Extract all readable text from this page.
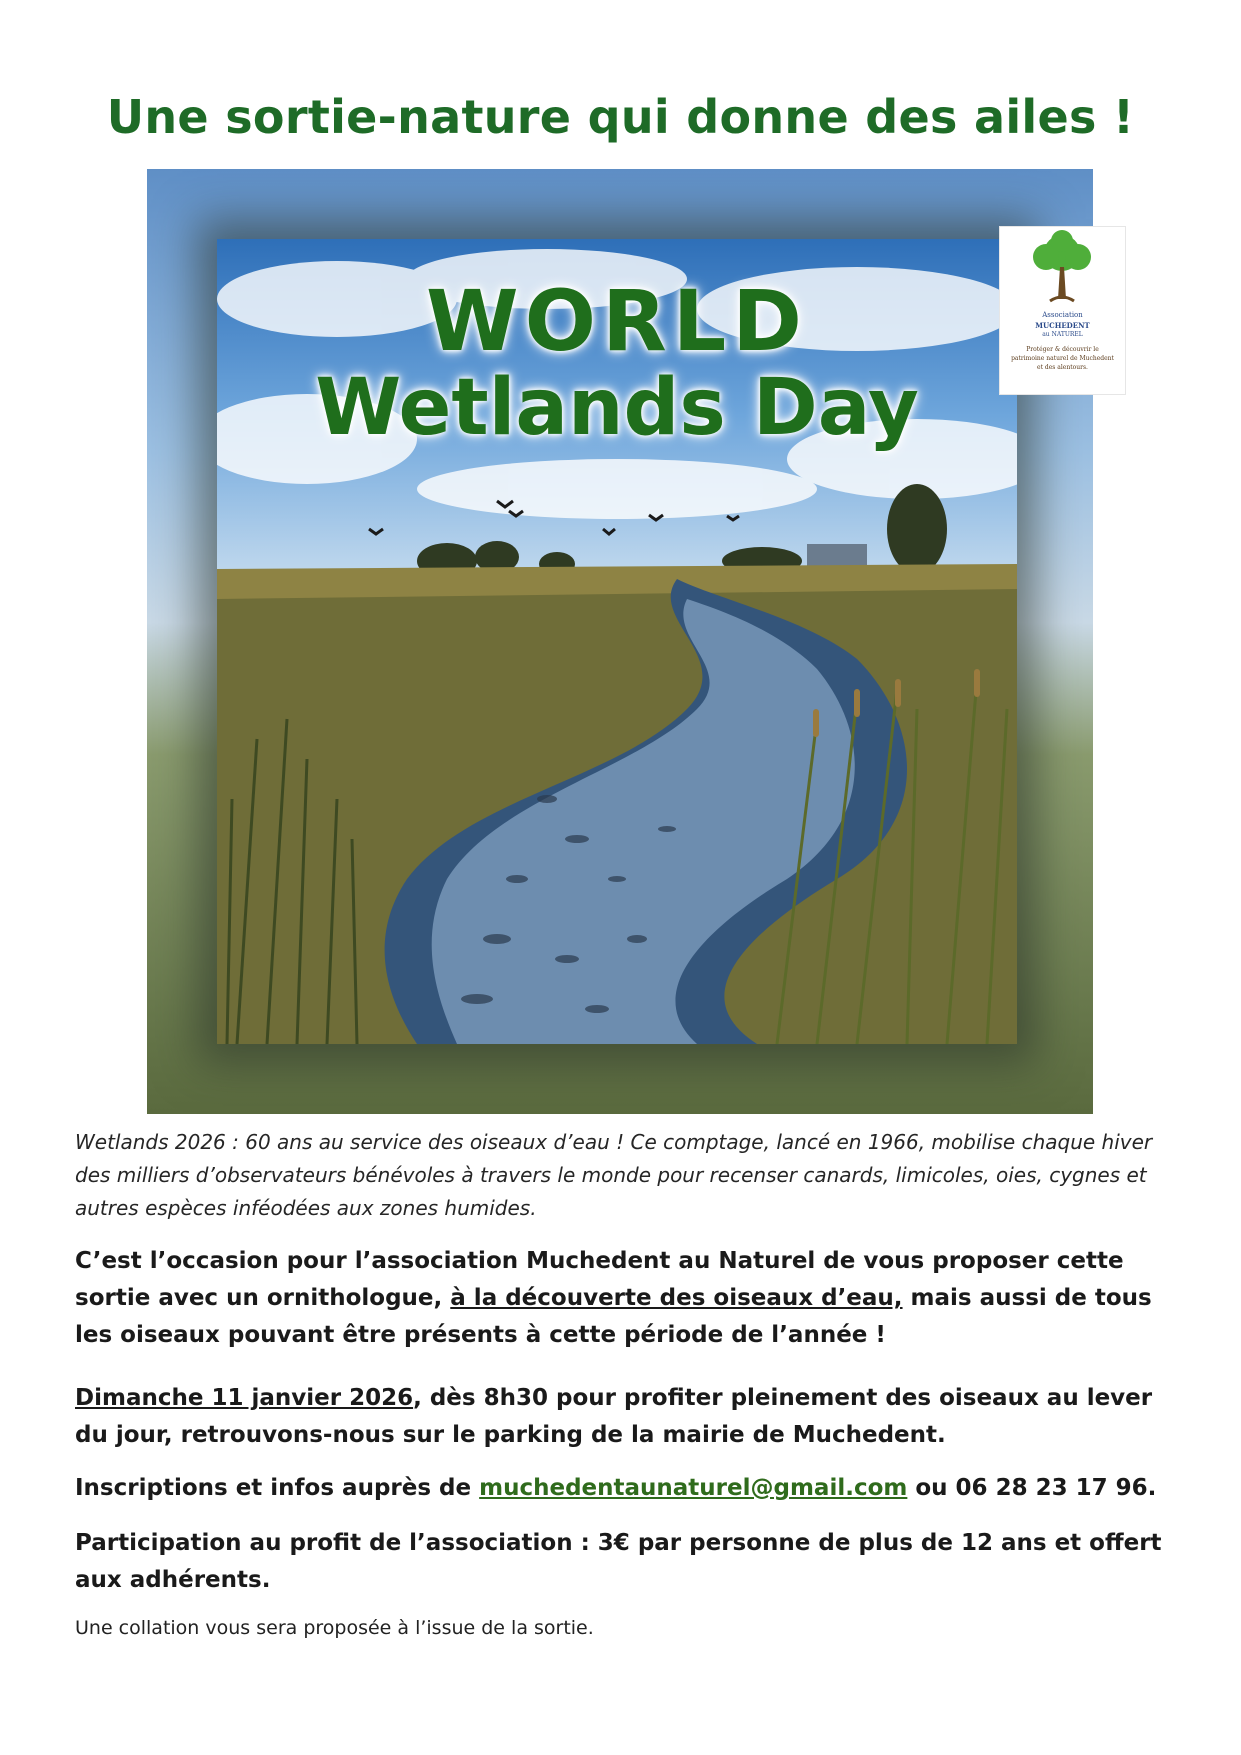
Une sortie-nature qui donne des ailes !
WORLD
Wetlands Day
Association
MUCHEDENT
au NATUREL
Protéger & découvrir le patrimoine naturel de Muchedent et des alentours.

Wetlands 2026 : 60 ans au service des oiseaux d’eau ! Ce comptage, lancé en 1966, mobilise chaque hiver des milliers d’observateurs bénévoles à travers le monde pour recenser canards, limicoles, oies, cygnes et autres espèces inféodées aux zones humides.

C’est l’occasion pour l’association Muchedent au Naturel de vous proposer cette sortie avec un ornithologue, à la découverte des oiseaux d’eau, mais aussi de tous les oiseaux pouvant être présents à cette période de l’année !

Dimanche 11 janvier 2026, dès 8h30 pour profiter pleinement des oiseaux au lever du jour, retrouvons-nous sur le parking de la mairie de Muchedent.

Inscriptions et infos auprès de muchedentaunaturel@gmail.com ou 06 28 23 17 96.

Participation au profit de l’association : 3€ par personne de plus de 12 ans et offert aux adhérents.

Une collation vous sera proposée à l’issue de la sortie.
